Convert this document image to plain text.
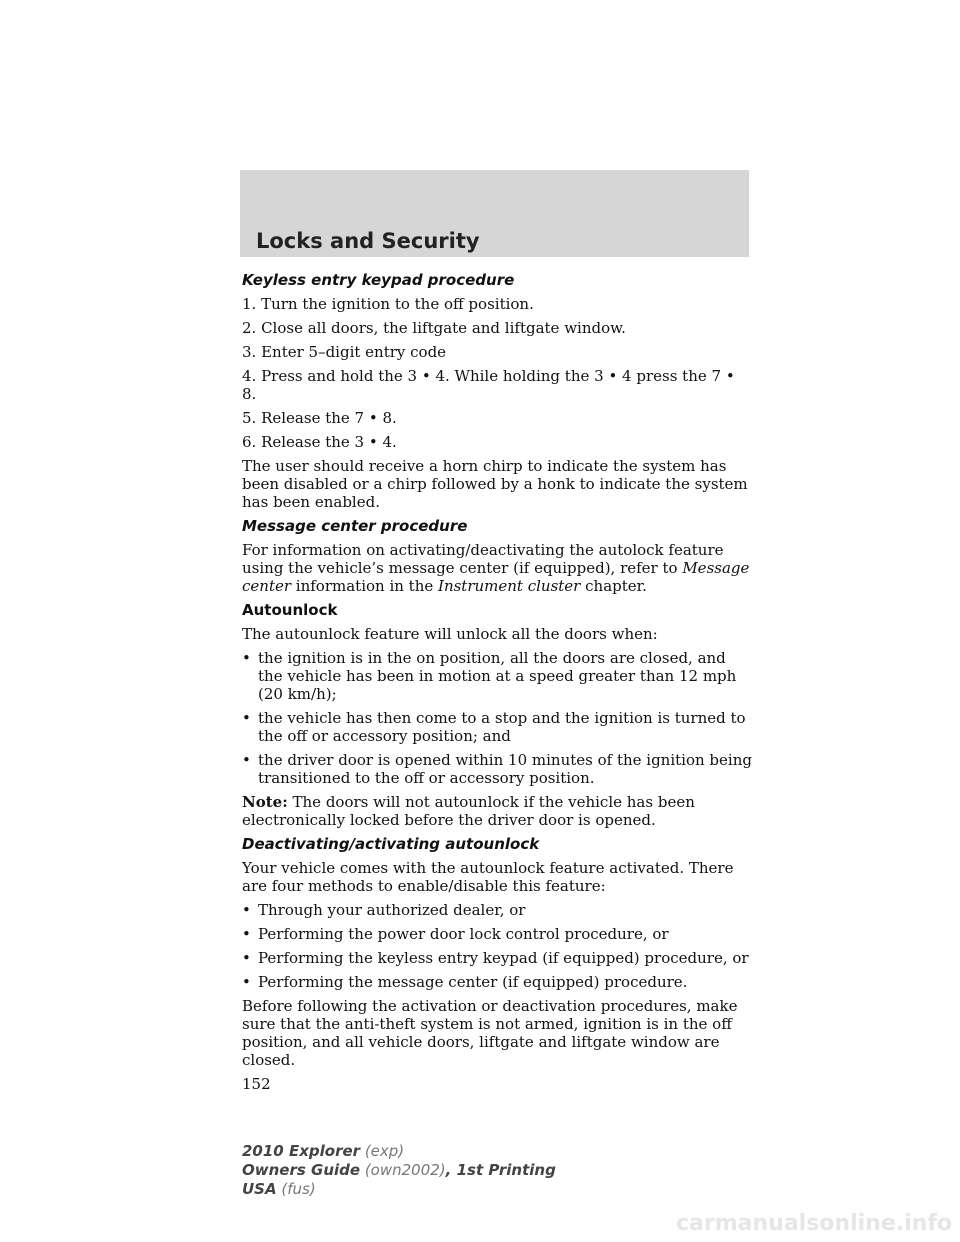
Locks and Security
Keyless entry keypad procedure

1. Turn the ignition to the off position.

2. Close all doors, the liftgate and liftgate window.

3. Enter 5–digit entry code

4. Press and hold the 3 • 4. While holding the 3 • 4 press the 7 • 8.

5. Release the 7 • 8.

6. Release the 3 • 4.

The user should receive a horn chirp to indicate the system has been disabled or a chirp followed by a honk to indicate the system has been enabled.

Message center procedure

For information on activating/deactivating the autolock feature using the vehicle’s message center (if equipped), refer to Message center information in the Instrument cluster chapter.

Autounlock

The autounlock feature will unlock all the doors when:

• the ignition is in the on position, all the doors are closed, and the vehicle has been in motion at a speed greater than 12 mph (20 km/h);
• the vehicle has then come to a stop and the ignition is turned to the off or accessory position; and
• the driver door is opened within 10 minutes of the ignition being transitioned to the off or accessory position.

Note: The doors will not autounlock if the vehicle has been electronically locked before the driver door is opened.

Deactivating/activating autounlock

Your vehicle comes with the autounlock feature activated. There are four methods to enable/disable this feature:

• Through your authorized dealer, or
• Performing the power door lock control procedure, or
• Performing the keyless entry keypad (if equipped) procedure, or
• Performing the message center (if equipped) procedure.

Before following the activation or deactivation procedures, make sure that the anti-theft system is not armed, ignition is in the off position, and all vehicle doors, liftgate and liftgate window are closed.

152
2010 Explorer (exp)
Owners Guide (own2002), 1st Printing
USA (fus)
carmanualsonline.info
